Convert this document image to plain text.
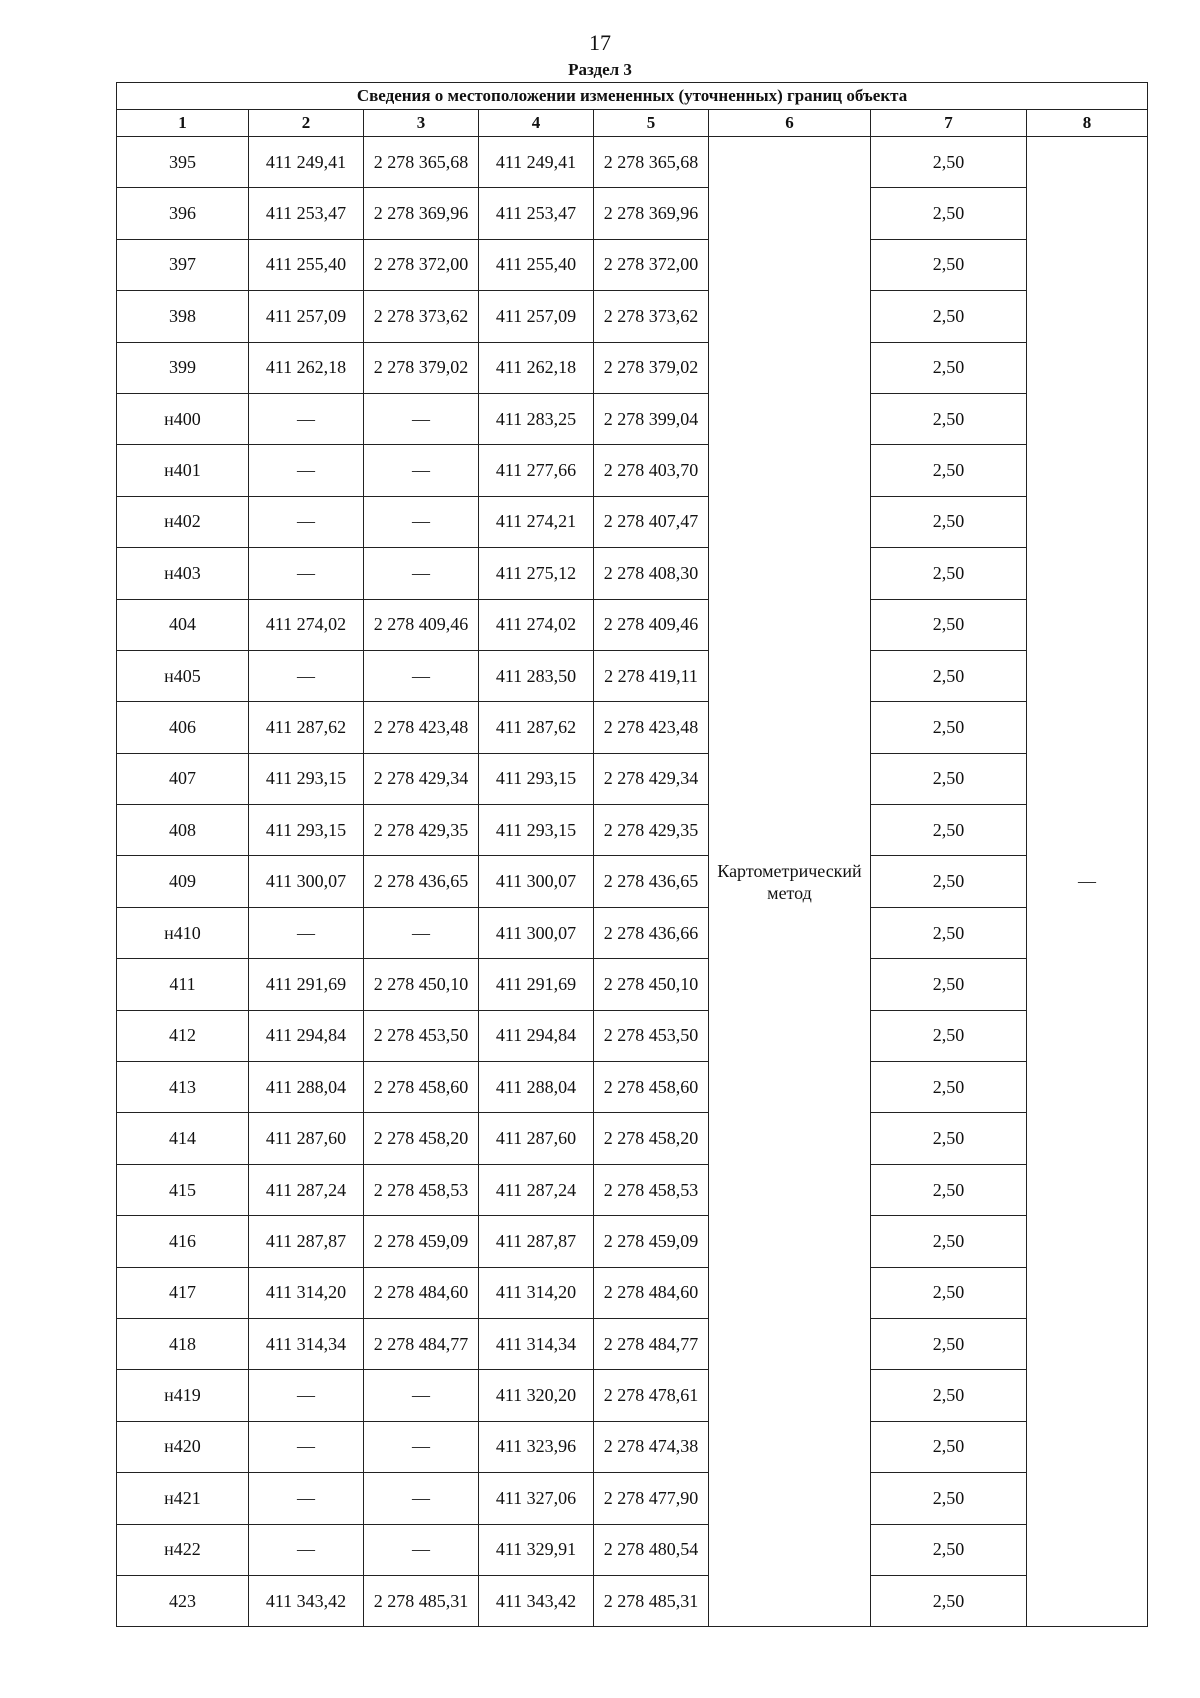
17
Раздел 3
Сведения о местоположении измененных (уточненных) границ объекта							
1	2	3	4	5	6	7	8
395	411 249,41	2 278 365,68	411 249,41	2 278 365,68	Картометрический метод	2,50	—
396	411 253,47	2 278 369,96	411 253,47	2 278 369,96		2,50	
397	411 255,40	2 278 372,00	411 255,40	2 278 372,00		2,50	
398	411 257,09	2 278 373,62	411 257,09	2 278 373,62		2,50	
399	411 262,18	2 278 379,02	411 262,18	2 278 379,02		2,50	
н400	—	—	411 283,25	2 278 399,04		2,50	
н401	—	—	411 277,66	2 278 403,70		2,50	
н402	—	—	411 274,21	2 278 407,47		2,50	
н403	—	—	411 275,12	2 278 408,30		2,50	
404	411 274,02	2 278 409,46	411 274,02	2 278 409,46		2,50	
н405	—	—	411 283,50	2 278 419,11		2,50	
406	411 287,62	2 278 423,48	411 287,62	2 278 423,48		2,50	
407	411 293,15	2 278 429,34	411 293,15	2 278 429,34		2,50	
408	411 293,15	2 278 429,35	411 293,15	2 278 429,35		2,50	
409	411 300,07	2 278 436,65	411 300,07	2 278 436,65		2,50	
н410	—	—	411 300,07	2 278 436,66		2,50	
411	411 291,69	2 278 450,10	411 291,69	2 278 450,10		2,50	
412	411 294,84	2 278 453,50	411 294,84	2 278 453,50		2,50	
413	411 288,04	2 278 458,60	411 288,04	2 278 458,60		2,50	
414	411 287,60	2 278 458,20	411 287,60	2 278 458,20		2,50	
415	411 287,24	2 278 458,53	411 287,24	2 278 458,53		2,50	
416	411 287,87	2 278 459,09	411 287,87	2 278 459,09		2,50	
417	411 314,20	2 278 484,60	411 314,20	2 278 484,60		2,50	
418	411 314,34	2 278 484,77	411 314,34	2 278 484,77		2,50	
н419	—	—	411 320,20	2 278 478,61		2,50	
н420	—	—	411 323,96	2 278 474,38		2,50	
н421	—	—	411 327,06	2 278 477,90		2,50	
н422	—	—	411 329,91	2 278 480,54		2,50	
423	411 343,42	2 278 485,31	411 343,42	2 278 485,31		2,50	
